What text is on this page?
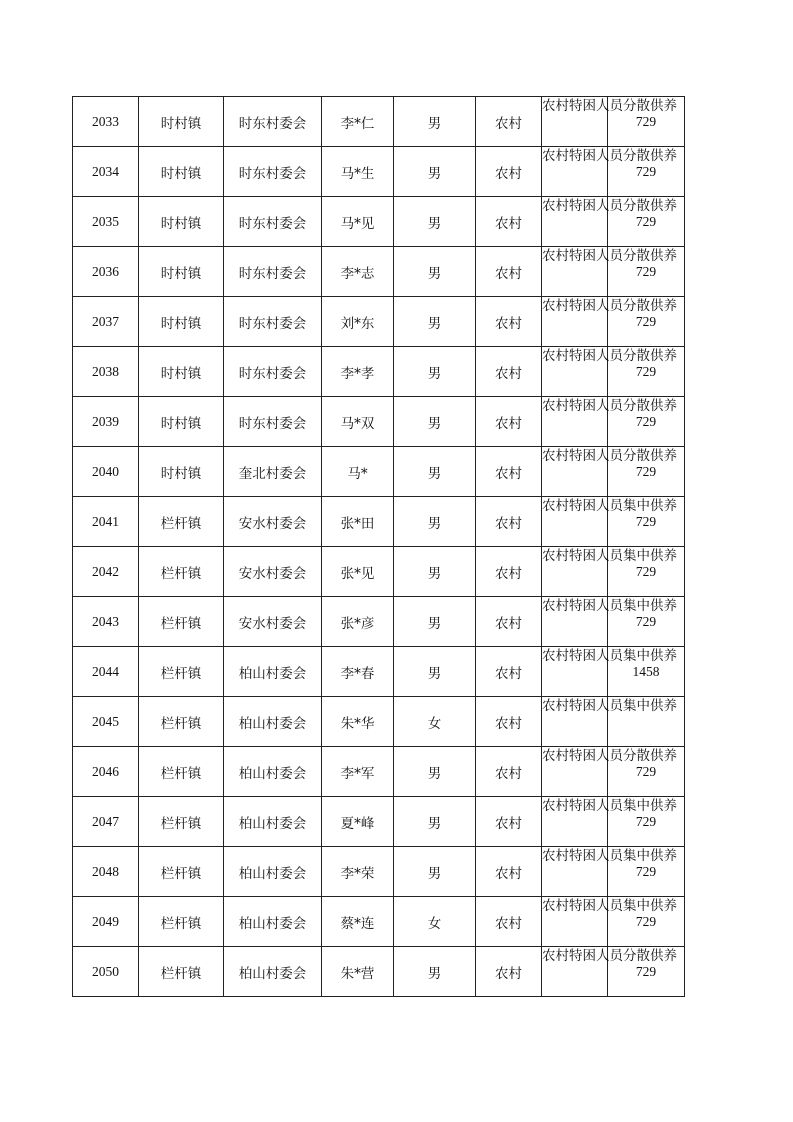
2033	时村镇	时东村委会	李*仁	男	农村	农村特困人员分散供养	729
2034	时村镇	时东村委会	马*生	男	农村	农村特困人员分散供养	729
2035	时村镇	时东村委会	马*见	男	农村	农村特困人员分散供养	729
2036	时村镇	时东村委会	李*志	男	农村	农村特困人员分散供养	729
2037	时村镇	时东村委会	刘*东	男	农村	农村特困人员分散供养	729
2038	时村镇	时东村委会	李*孝	男	农村	农村特困人员分散供养	729
2039	时村镇	时东村委会	马*双	男	农村	农村特困人员分散供养	729
2040	时村镇	奎北村委会	马*	男	农村	农村特困人员分散供养	729
2041	栏杆镇	安水村委会	张*田	男	农村	农村特困人员集中供养	729
2042	栏杆镇	安水村委会	张*见	男	农村	农村特困人员集中供养	729
2043	栏杆镇	安水村委会	张*彦	男	农村	农村特困人员集中供养	729
2044	栏杆镇	柏山村委会	李*春	男	农村	农村特困人员集中供养	1458
2045	栏杆镇	柏山村委会	朱*华	女	农村	农村特困人员集中供养	

2046	栏杆镇	柏山村委会	李*军	男	农村	农村特困人员分散供养	729
2047	栏杆镇	柏山村委会	夏*峰	男	农村	农村特困人员集中供养	729
2048	栏杆镇	柏山村委会	李*荣	男	农村	农村特困人员集中供养	729
2049	栏杆镇	柏山村委会	蔡*连	女	农村	农村特困人员集中供养	729
2050	栏杆镇	柏山村委会	朱*营	男	农村	农村特困人员分散供养	729
